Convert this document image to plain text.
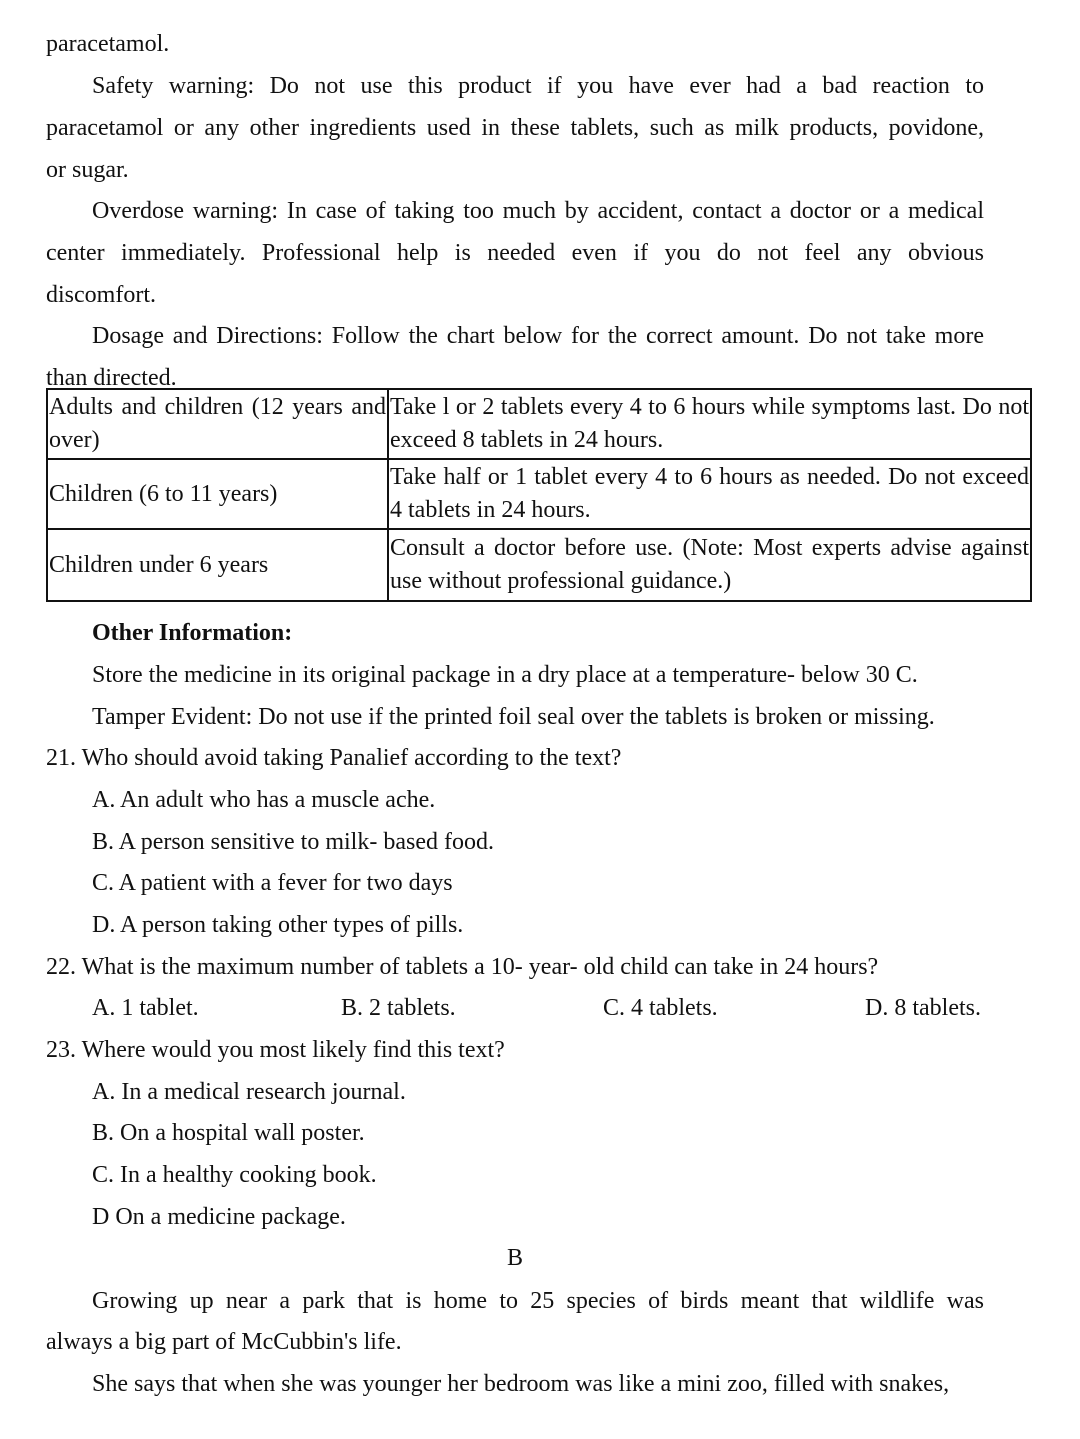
paracetamol.
Safety warning: Do not use this product if you have ever had a bad reaction to
paracetamol or any other ingredients used in these tablets, such as milk products, povidone,
or sugar.
Overdose warning: In case of taking too much by accident, contact a doctor or a medical
center immediately. Professional help is needed even if you do not feel any obvious
discomfort.
Dosage and Directions: Follow the chart below for the correct amount. Do not take more
than directed.
Adults and children (12 years and over)	Take l or 2 tablets every 4 to 6 hours while symptoms last. Do not exceed 8 tablets in 24 hours.

Children (6 to 11 years)	Take half or 1 tablet every 4 to 6 hours as needed. Do not exceed 4 tablets in 24 hours.

Children under 6 years	Consult a doctor before use. (Note: Most experts advise against use without professional guidance.)
Other Information:
Store the medicine in its original package in a dry place at a temperature- below 30 C.
Tamper Evident: Do not use if the printed foil seal over the tablets is broken or missing.
21. Who should avoid taking Panalief according to the text?
A. An adult who has a muscle ache.
B. A person sensitive to milk- based food.
C. A patient with a fever for two days
D. A person taking other types of pills.
22. What is the maximum number of tablets a 10- year- old child can take in 24 hours?
A. 1 tablet.	B. 2 tablets.	C. 4 tablets.	D. 8 tablets.
23. Where would you most likely find this text?
A. In a medical research journal.
B. On a hospital wall poster.
C. In a healthy cooking book.
D On a medicine package.
B
Growing up near a park that is home to 25 species of birds meant that wildlife was
always a big part of McCubbin's life.
She says that when she was younger her bedroom was like a mini zoo, filled with snakes,
